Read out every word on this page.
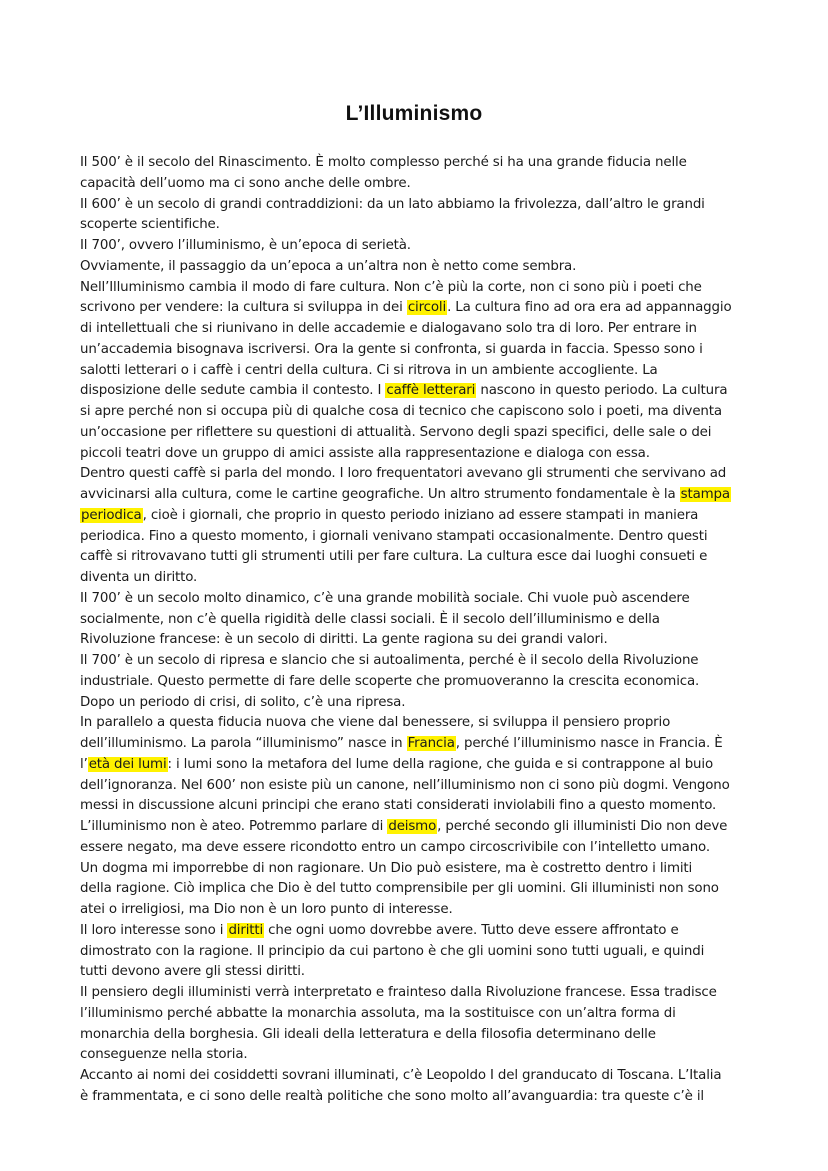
L’Illuminismo
Il 500’ è il secolo del Rinascimento. È molto complesso perché si ha una grande fiducia nelle
capacità dell’uomo ma ci sono anche delle ombre.
Il 600’ è un secolo di grandi contraddizioni: da un lato abbiamo la frivolezza, dall’altro le grandi
scoperte scientifiche.
Il 700’, ovvero l’illuminismo, è un’epoca di serietà.
Ovviamente, il passaggio da un’epoca a un’altra non è netto come sembra.
Nell’Illuminismo cambia il modo di fare cultura. Non c’è più la corte, non ci sono più i poeti che
scrivono per vendere: la cultura si sviluppa in dei circoli. La cultura fino ad ora era ad appannaggio
di intellettuali che si riunivano in delle accademie e dialogavano solo tra di loro. Per entrare in
un’accademia bisognava iscriversi. Ora la gente si confronta, si guarda in faccia. Spesso sono i
salotti letterari o i caffè i centri della cultura. Ci si ritrova in un ambiente accogliente. La
disposizione delle sedute cambia il contesto. I caffè letterari nascono in questo periodo. La cultura
si apre perché non si occupa più di qualche cosa di tecnico che capiscono solo i poeti, ma diventa
un’occasione per riflettere su questioni di attualità. Servono degli spazi specifici, delle sale o dei
piccoli teatri dove un gruppo di amici assiste alla rappresentazione e dialoga con essa.
Dentro questi caffè si parla del mondo. I loro frequentatori avevano gli strumenti che servivano ad
avvicinarsi alla cultura, come le cartine geografiche. Un altro strumento fondamentale è la stampa
periodica, cioè i giornali, che proprio in questo periodo iniziano ad essere stampati in maniera
periodica. Fino a questo momento, i giornali venivano stampati occasionalmente. Dentro questi
caffè si ritrovavano tutti gli strumenti utili per fare cultura. La cultura esce dai luoghi consueti e
diventa un diritto.
Il 700’ è un secolo molto dinamico, c’è una grande mobilità sociale. Chi vuole può ascendere
socialmente, non c’è quella rigidità delle classi sociali. È il secolo dell’illuminismo e della
Rivoluzione francese: è un secolo di diritti. La gente ragiona su dei grandi valori.
Il 700’ è un secolo di ripresa e slancio che si autoalimenta, perché è il secolo della Rivoluzione
industriale. Questo permette di fare delle scoperte che promuoveranno la crescita economica.
Dopo un periodo di crisi, di solito, c’è una ripresa.
In parallelo a questa fiducia nuova che viene dal benessere, si sviluppa il pensiero proprio
dell’illuminismo. La parola “illuminismo” nasce in Francia, perché l’illuminismo nasce in Francia. È
l’età dei lumi: i lumi sono la metafora del lume della ragione, che guida e si contrappone al buio
dell’ignoranza. Nel 600’ non esiste più un canone, nell’illuminismo non ci sono più dogmi. Vengono
messi in discussione alcuni principi che erano stati considerati inviolabili fino a questo momento.
L’illuminismo non è ateo. Potremmo parlare di deismo, perché secondo gli illuministi Dio non deve
essere negato, ma deve essere ricondotto entro un campo circoscrivibile con l’intelletto umano.
Un dogma mi imporrebbe di non ragionare. Un Dio può esistere, ma è costretto dentro i limiti
della ragione. Ciò implica che Dio è del tutto comprensibile per gli uomini. Gli illuministi non sono
atei o irreligiosi, ma Dio non è un loro punto di interesse.
Il loro interesse sono i diritti che ogni uomo dovrebbe avere. Tutto deve essere affrontato e
dimostrato con la ragione. Il principio da cui partono è che gli uomini sono tutti uguali, e quindi
tutti devono avere gli stessi diritti.
Il pensiero degli illuministi verrà interpretato e frainteso dalla Rivoluzione francese. Essa tradisce
l’illuminismo perché abbatte la monarchia assoluta, ma la sostituisce con un’altra forma di
monarchia della borghesia. Gli ideali della letteratura e della filosofia determinano delle
conseguenze nella storia.
Accanto ai nomi dei cosiddetti sovrani illuminati, c’è Leopoldo I del granducato di Toscana. L’Italia
è frammentata, e ci sono delle realtà politiche che sono molto all’avanguardia: tra queste c’è il
